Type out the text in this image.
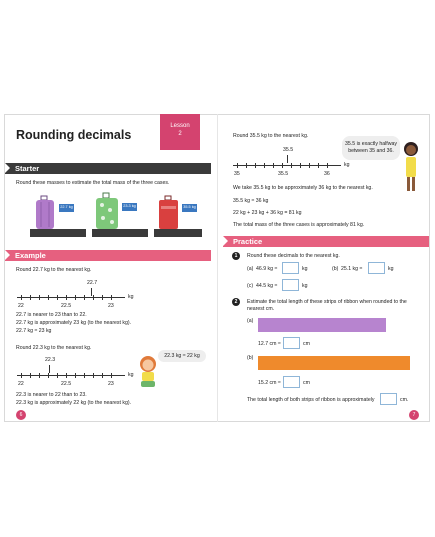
Rounding decimals
Lesson
2
Starter
Round these masses to estimate the total mass of the three cases.
22.7 kg	23.3 kg	35.5 kg
Example
Round 22.7 kg to the nearest kg.
22.7
kg
22	22.5	23
22.7 is nearer to 23 than to 22.
22.7 kg is approximately 23 kg (to the nearest kg).
22.7 kg ≈ 23 kg
Round 22.3 kg to the nearest kg.
22.3
kg
22	22.5	23
22.3 is nearer to 22 than to 23.
22.3 kg is approximately 22 kg (to the nearest kg).
22.3 kg ≈ 22 kg
6
Round 35.5 kg to the nearest kg.
35.5
kg
35	35.5	36
35.5 is exactly halfway between 35 and 36.
We take 35.5 kg to be approximately 36 kg to the nearest kg.
35.5 kg ≈ 36 kg
22 kg + 23 kg + 36 kg = 81 kg
The total mass of the three cases is approximately 81 kg.
Practice
1	Round these decimals to the nearest kg.
(a) 46.9 kg ≈	kg	(b) 25.1 kg ≈	kg
(c) 44.5 kg ≈	kg
2	Estimate the total length of these strips of ribbon when rounded to the
nearest cm.
(a)
12.7 cm ≈	cm
(b)
15.2 cm ≈	cm
The total length of both strips of ribbon is approximately	cm.
7
